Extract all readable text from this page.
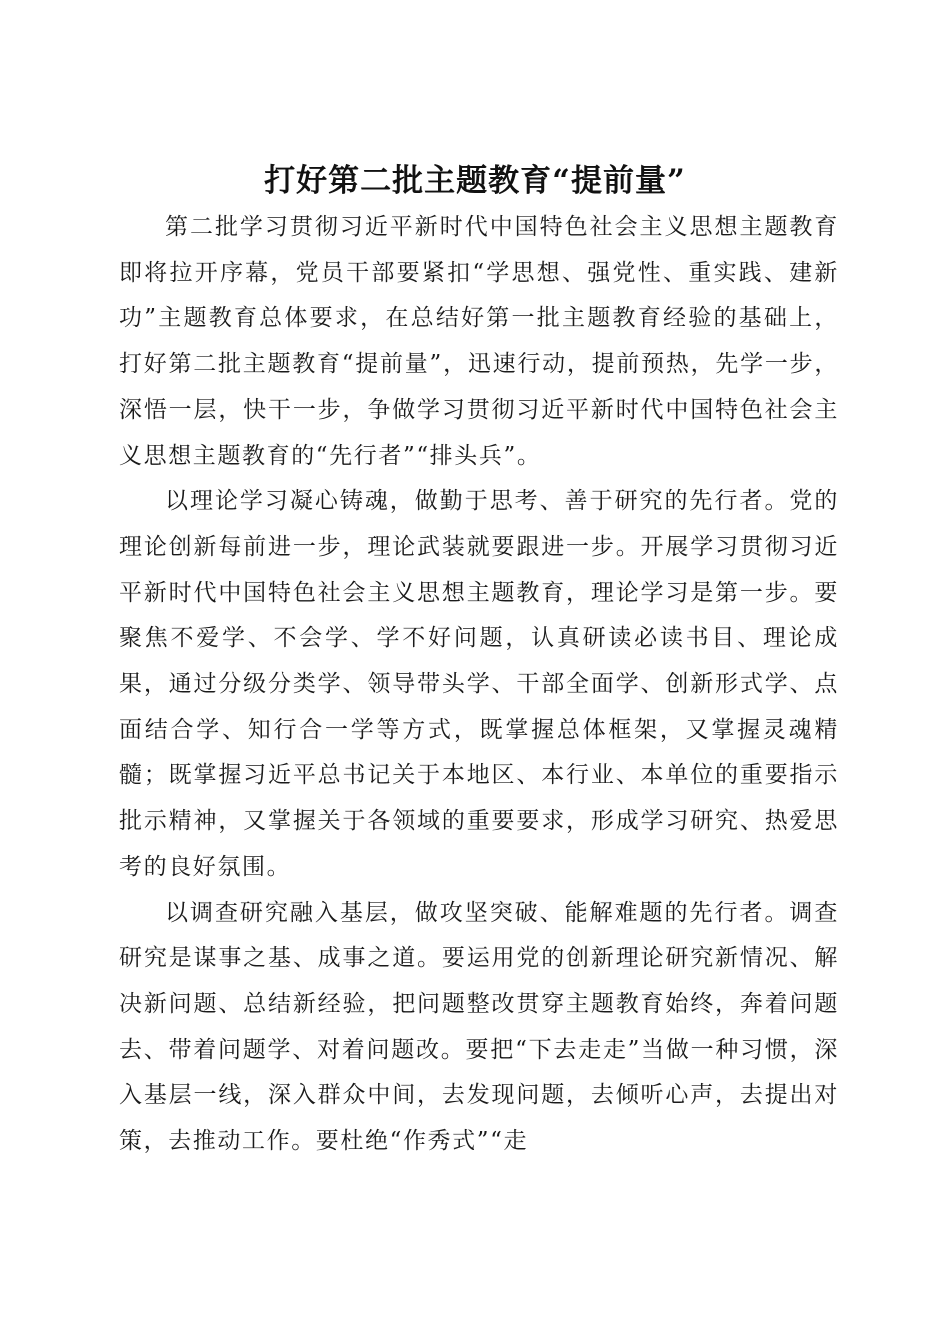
打好第二批主题教育“提前量”

第二批学习贯彻习近平新时代中国特色社会主义思想主题教育即将拉开序幕，党员干部要紧扣“学思想、强党性、重实践、建新功”主题教育总体要求，在总结好第一批主题教育经验的基础上，打好第二批主题教育“提前量”，迅速行动，提前预热，先学一步，深悟一层，快干一步，争做学习贯彻习近平新时代中国特色社会主义思想主题教育的“先行者”“排头兵”。

以理论学习凝心铸魂，做勤于思考、善于研究的先行者。党的理论创新每前进一步，理论武装就要跟进一步。开展学习贯彻习近平新时代中国特色社会主义思想主题教育，理论学习是第一步。要聚焦不爱学、不会学、学不好问题，认真研读必读书目、理论成果，通过分级分类学、领导带头学、干部全面学、创新形式学、点面结合学、知行合一学等方式，既掌握总体框架，又掌握灵魂精髓；既掌握习近平总书记关于本地区、本行业、本单位的重要指示批示精神，又掌握关于各领域的重要要求，形成学习研究、热爱思考的良好氛围。

以调查研究融入基层，做攻坚突破、能解难题的先行者。调查研究是谋事之基、成事之道。要运用党的创新理论研究新情况、解决新问题、总结新经验，把问题整改贯穿主题教育始终，奔着问题去、带着问题学、对着问题改。要把“下去走走”当做一种习惯，深入基层一线，深入群众中间，去发现问题，去倾听心声，去提出对策，去推动工作。要杜绝“作秀式”“走
